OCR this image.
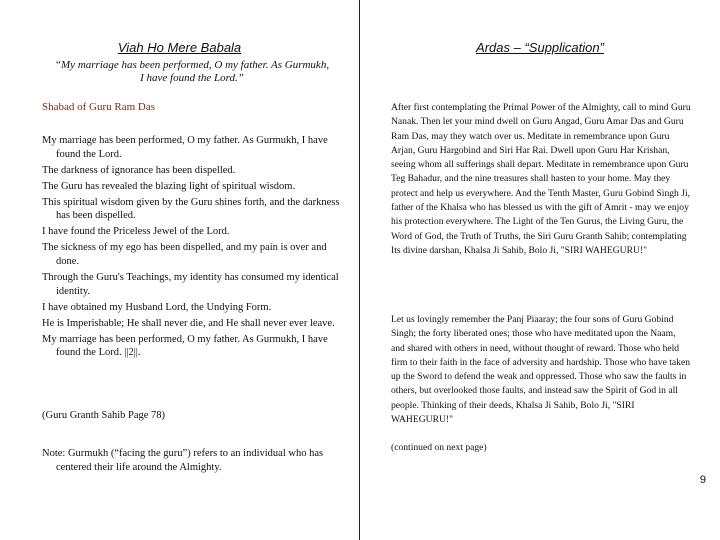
Viah Ho Mere Babala
“My marriage has been performed, O my father. As Gurmukh, I have found the Lord.”
Shabad of Guru Ram Das
My marriage has been performed, O my father. As Gurmukh, I have found the Lord.
The darkness of ignorance has been dispelled.
The Guru has revealed the blazing light of spiritual wisdom.
This spiritual wisdom given by the Guru shines forth, and the darkness has been dispelled.
I have found the Priceless Jewel of the Lord.
The sickness of my ego has been dispelled, and my pain is over and done.
Through the Guru's Teachings, my identity has consumed my identical identity.
I have obtained my Husband Lord, the Undying Form.
He is Imperishable; He shall never die, and He shall never ever leave.
My marriage has been performed, O my father. As Gurmukh, I have found the Lord. ||2||.
(Guru Granth Sahib Page 78)
Note: Gurmukh (“facing the guru”) refers to an individual who has centered their life around the Almighty.
Ardas – “Supplication”

After first contemplating the Primal Power of the Almighty, call to mind Guru Nanak. Then let your mind dwell on Guru Angad, Guru Amar Das and Guru Ram Das, may they watch over us. Meditate in remembrance upon Guru Arjan, Guru Hargobind and Siri Har Rai. Dwell upon Guru Har Krishan, seeing whom all sufferings shall depart. Meditate in remembrance upon Guru Teg Bahadur, and the nine treasures shall hasten to your home. May they protect and help us everywhere. And the Tenth Master, Guru Gobind Singh Ji, father of the Khalsa who has blessed us with the gift of Amrit - may we enjoy his protection everywhere. The Light of the Ten Gurus, the Living Guru, the Word of God, the Truth of Truths, the Siri Guru Granth Sahib; contemplating Its divine darshan, Khalsa Ji Sahib, Bolo Ji, "SIRI WAHEGURU!"

Let us lovingly remember the Panj Piaaray; the four sons of Guru Gobind Singh; the forty liberated ones; those who have meditated upon the Naam, and shared with others in need, without thought of reward. Those who held firm to their faith in the face of adversity and hardship. Those who have taken up the Sword to defend the weak and oppressed. Those who saw the faults in others, but overlooked those faults, and instead saw the Spirit of God in all people. Thinking of their deeds, Khalsa Ji Sahib, Bolo Ji, "SIRI WAHEGURU!"

(continued on next page)
9
